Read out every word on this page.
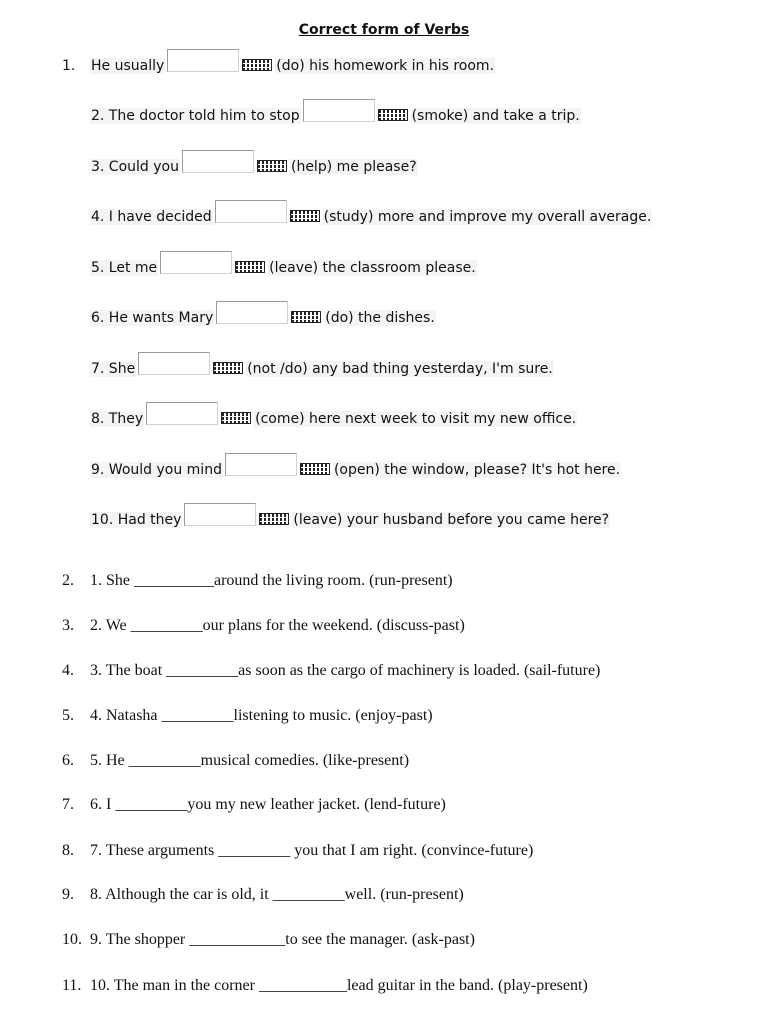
Correct form of Verbs
1.	He usually	(do) his homework in his room.
2. The doctor told him to stop	(smoke) and take a trip.
3. Could you	(help) me please?
4. I have decided	(study) more and improve my overall average.
5. Let me	(leave) the classroom please.
6. He wants Mary	(do) the dishes.
7. She	(not /do) any bad thing yesterday, I'm sure.
8. They	(come) here next week to visit my new office.
9. Would you mind	(open) the window, please? It's hot here.
10. Had they	(leave) your husband before you came here?
2. 1. She __________around the living room. (run-present)
3. 2. We _________our plans for the weekend. (discuss-past)
4. 3. The boat _________as soon as the cargo of machinery is loaded. (sail-future)
5. 4. Natasha _________listening to music. (enjoy-past)
6. 5. He _________musical comedies. (like-present)
7. 6. I _________you my new leather jacket. (lend-future)
8. 7. These arguments _________ you that I am right. (convince-future)
9. 8. Although the car is old, it _________well. (run-present)
10. 9. The shopper ____________to see the manager. (ask-past)
11. 10. The man in the corner ___________lead guitar in the band. (play-present)
